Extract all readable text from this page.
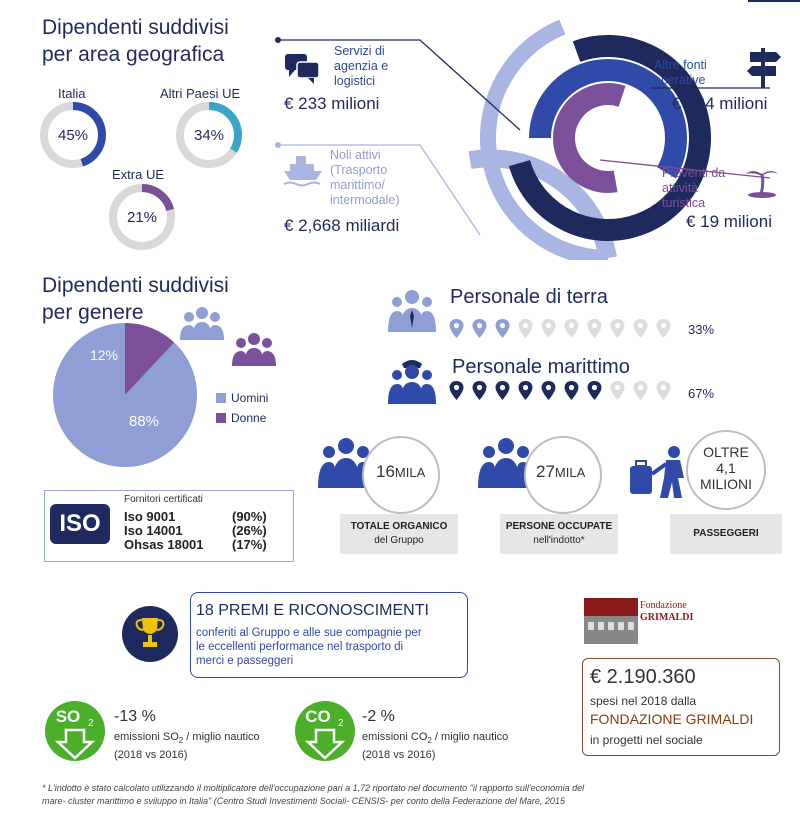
Dipendenti suddivisi
per area geografica
Italia	Altri Paesi UE
Extra UE
45%	34%
21%
Servizi di
agenzia e
logistici
€ 233 milioni
Noli attivi
(Trasporto
marittimo/
intermodale)
€ 2,668 miliardi
Altre fonti
operative
€ 124 milioni
Proventi da
attività
turistica
€ 19 milioni
Dipendenti suddivisi
per genere
88%
12%
Uomini
Donne
Personale di terra
33%
Personale marittimo
67%
16MILA
TOTALE ORGANICO
del Gruppo
27MILA
PERSONE OCCUPATE
nell'indotto*
OLTRE
4,1
MILIONI
PASSEGGERI
ISO
Fornitori certificati
Iso 9001	(90%)
Iso 14001	(26%)
Ohsas 18001 (17%)
18 PREMI E RICONOSCIMENTI
conferiti al Gruppo e alle sue compagnie per
le eccellenti performance nel trasporto di
merci e passeggeri
SO 2 -13 %
emissioni $SO_2$ / miglio nautico
(2018 vs 2016)
CO 2 -2 %
emissioni $CO_2$ / miglio nautico
(2018 vs 2016)
Fondazione
GRIMALDI
€ 2.190.360
spesi nel 2018 dalla
FONDAZIONE GRIMALDI
in progetti nel sociale
* L'indotto è stato calcolato utilizzando il moltiplicatore dell'occupazione pari a 1,72 riportato nel documento "il rapporto sull'economia del
mare- cluster marittimo e sviluppo in Italia" (Centro Studi Investimenti Sociali- CENSIS- per conto della Federazione del Mare, 2015
